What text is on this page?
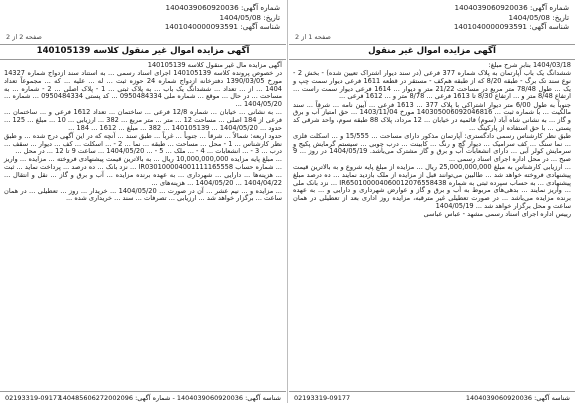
شماره آگهی: 1404039060920036
تاریخ: 1404/05/08
شناسه آگهی: 1401040000093591
صفحه 1 از 2
آگهی مزایده اموال غیر منقول

1404/03/18 بنابر شرح مبلغ:

ششدانگ یک باب آپارتمان به پلاک شماره 377 فرعی (در سند دیوار اشتراک تعیین شده) - بخش 2 - نوع سند تک برگ - طبقه 8/20 که از طبقه هم‌کف - مستقر در قطعه 1611 فرعی دیوار سمت چپ و یک ... طول 78/48 متر مربع در مساحت 21/22 متر و دیوار ... 1614 فرعی دیوار سمت راست ... ارتفاع 8/48 متر و ... ارتفاع 8/30 تا 1613 فرعی ... 8/78 متر و ... 1612 فرعی ...

جنوباً به طول 6/00 متر دیوار اشتراکی با پلاک 377 ... 1613 فرعی ... آیین نامه ... شرقاً ... سند مالکیت ... با شماره ثبت ... 140305006092046816 مورخ 1403/11/04 ... حق امتیاز آب و برق و گاز ... به نشانی شاه آباد (سوم) قائمیه در خیابان ... 12 مرداد، پلاک 88 طبقه سوم، واحد شرقی کد پستی ... با حق استفاده از پارکینگ ...

طبق نظر کارشناس رسمی دادگستری: آپارتمان مذکور دارای مساحت ... 15/555 و ... اسکلت فلزی ... نما سنگ ... کف سرامیک ... دیوار گچ و رنگ ... کابینت ... درب چوبی ... سیستم گرمایش پکیج و سرمایش کولر آبی ... دارای انشعابات آب و برق و گاز مشترک می‌باشد. 1404/05/19 در روز ... 9 صبح ... در محل اداره اجرای اسناد رسمی ...

... ارزیابی کارشناس به مبلغ 25,000,000,000 ریال ... مزایده از مبلغ پایه شروع و به بالاترین قیمت پیشنهادی فروخته خواهد شد ... طالبین می‌توانند قبل از مزایده از ملک بازدید نمایند ... ده درصد مبلغ پیشنهادی ... به حساب سپرده ثبتی به شماره IR650100004060012076558438 ... نزد بانک ملی ... واریز نمایند ... بدهی‌های مربوط به آب و برق و گاز و عوارض شهرداری و دارایی و ... به عهده برنده مزایده می‌باشد ... در صورت تعطیلی غیر مترقبه، مزایده روز اداری بعد از تعطیلی در همان ساعت و محل برگزار خواهد شد ... 1404/05/19

رییس اداره اجرای اسناد رسمی مشهد - عباس عباسی

شناسه آگهی: 1404039060920036
02193319-09177
شماره آگهی: 1404039060920036
تاریخ: 1404/05/08
شناسه آگهی: 1401040000093591
صفحه 2 از 2
آگهی مزایده اموال غیر منقول کلاسه 140105139

آگهی مزایده مال غیر منقول کلاسه 140105139

در خصوص پرونده کلاسه 140105139 اجرای اسناد رسمی ... به استناد سند ازدواج شماره 14327 مورخ 1390/03/05 دفترخانه ازدواج شماره 24 حوزه ثبت ... له ... علیه ... که ... مجموعاً تعداد 1404 ... از ... تعداد ... ششدانگ یک باب ... به پلاک ثبتی ... 1 - پلاک اصلی ... 2 - شماره ... به مساحت ... در حال ... موقع ... شماره ملی 0950484334 ... کد پستی 0950484334 ... شماره ... 1404/05/20 ...

... به نشانی ... خیابان ... شماره 12/8 فرعی ... ساختمان ... تعداد 1612 فرعی و ... ساختمان ... فرعی از 184 اصلی ... مساحت 12 ... متر ... متر مربع ... 382 ... ارزیابی ... 10 ... مبلغ ... 125 ... حدود ... 1404/05/20 ... 140105139 ... 382 ... مبلغ ... 1612 ... 184 ...

حدود اربعه: شمالاً ... شرقاً ... جنوباً ... غرباً ... طبق سند ... آنچه که در این آگهی درج شده ... و طبق نظر کارشناس ... 1 - محل ... مساحت ... طبقه ... نما ... 2 - ... اسکلت ... کف ... دیوار ... سقف ... درب ... 3 - ... انشعابات ... 4 - ... ملک ... 5 - ... 1404/05/20 ... ساعت 9 تا 12 ... در محل ...

... مبلغ پایه مزایده 10,000,000,000 ریال ... به بالاترین قیمت پیشنهادی فروخته ... مزایده ... واریز ... شماره حساب IR030100004001111165558 ... نزد بانک ... ده درصد ... پرداخت نماید ... ثبت ... هزینه‌ها ... دارایی ... شهرداری ... به عهده برنده مزایده ... آب و برق و گاز ... نقل و انتقال ... 1404/04/22 ... 1404/05/20 ... هزینه‌های ...

... مزایده و ... نیم عشر ... آن در صورت ... 1404/05/20 ... خریدار ... روز ... تعطیلی ... در همان ساعت ... برگزار خواهد شد ... ارزیابی ... تصرفات ... سند ... خریداری شده ...

شناسه آگهی: 1404039060920036 - شماره آگهی: 140485606272002096
02193319-09177
